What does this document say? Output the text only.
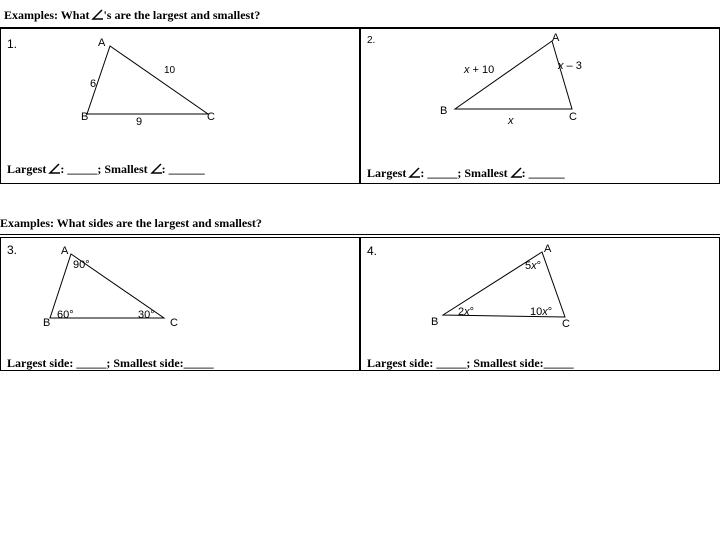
Examples: What 's are the largest and smallest?
1.	A
B	C
6
10
9
Largest : _____; Smallest : ______
2.	A
B	C
x + 10	x – 3
x
Largest : _____; Smallest : ______
Examples: What sides are the largest and smallest?
3.	A
B	C
90°
60°	30°
Largest side: _____; Smallest side:_____
4.	A
B	C
5x°
2x°	10x°
Largest side: _____; Smallest side:_____
